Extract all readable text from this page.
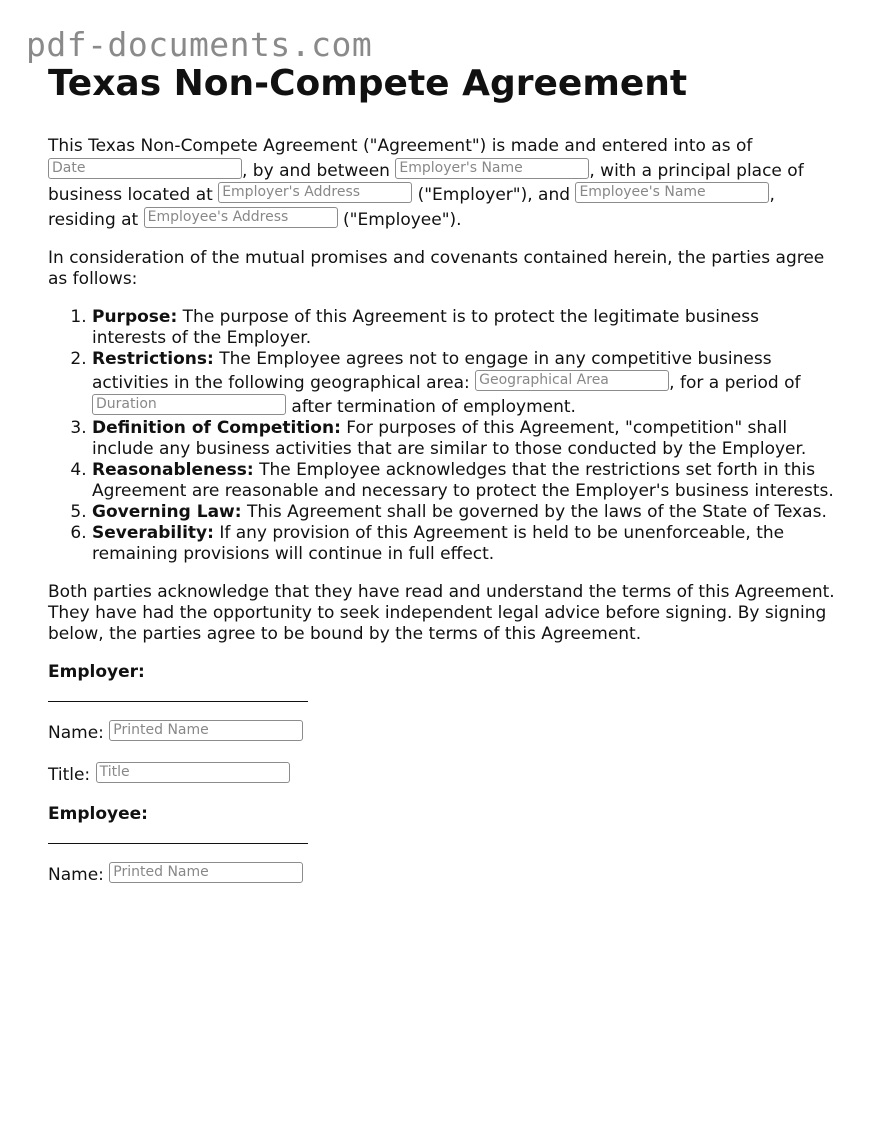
pdf-documents.com
Texas Non-Compete Agreement

This Texas Non-Compete Agreement ("Agreement") is made and entered into as of Date	, by and between Employer's Name	, with a principal place of business located at Employer's Address	("Employer"), and Employee's Name	, residing at Employee's Address	("Employee").

In consideration of the mutual promises and covenants contained herein, the parties agree as follows:

1. Purpose: The purpose of this Agreement is to protect the legitimate business interests of the Employer.
2. Restrictions: The Employee agrees not to engage in any competitive business activities in the following geographical area: Geographical Area	, for a period of Duration	after termination of employment.
3. Definition of Competition: For purposes of this Agreement, "competition" shall include any business activities that are similar to those conducted by the Employer.
4. Reasonableness: The Employee acknowledges that the restrictions set forth in this Agreement are reasonable and necessary to protect the Employer's business interests.
5. Governing Law: This Agreement shall be governed by the laws of the State of Texas.
6. Severability: If any provision of this Agreement is held to be unenforceable, the remaining provisions will continue in full effect.

Both parties acknowledge that they have read and understand the terms of this Agreement. They have had the opportunity to seek independent legal advice before signing. By signing below, the parties agree to be bound by the terms of this Agreement.

Employer:

Name: Printed Name

Title: Title

Employee:

Name: Printed Name
